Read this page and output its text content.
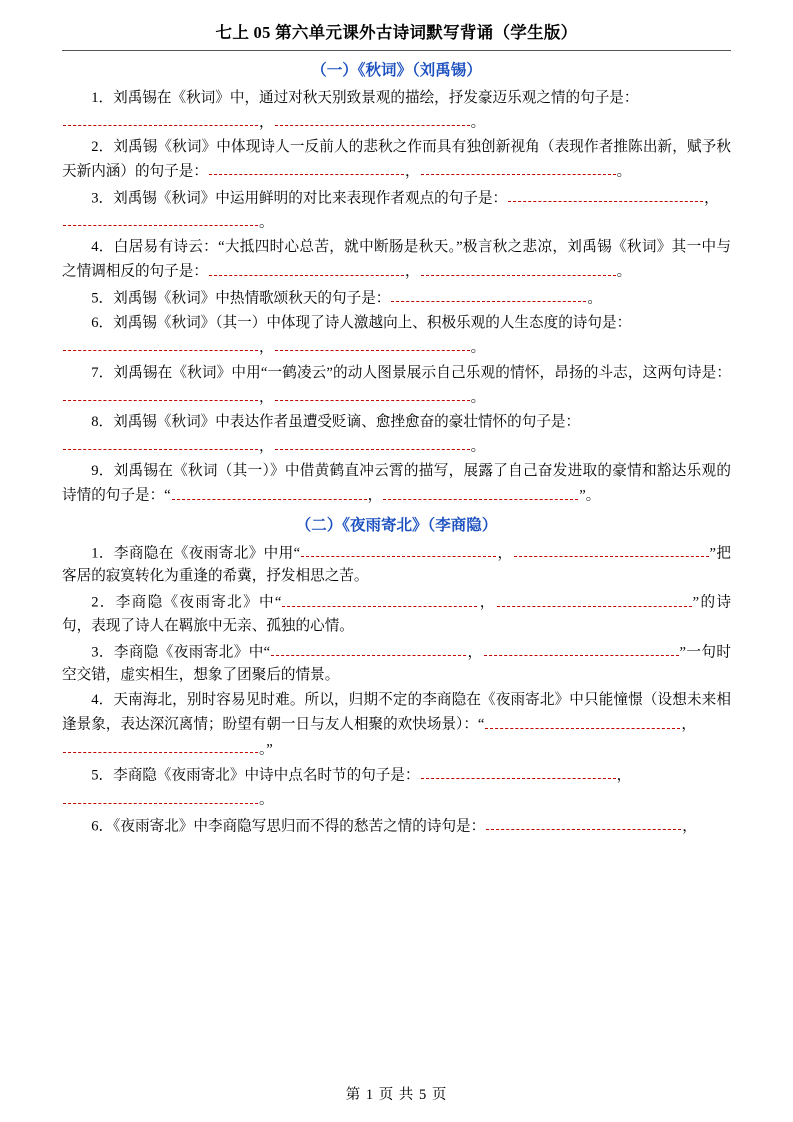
七上 05 第六单元课外古诗词默写背诵（学生版）
（一）《秋词》（刘禹锡）
1．刘禹锡在《秋词》中，通过对秋天别致景观的描绘，抒发豪迈乐观之情的句子是：
，	。
2．刘禹锡《秋词》中体现诗人一反前人的悲秋之作而具有独创新视角（表现作者推陈出新，赋予秋天新内涵）的句子是：	，	。
3．刘禹锡《秋词》中运用鲜明的对比来表现作者观点的句子是：	，
。
4．白居易有诗云：“大抵四时心总苦，就中断肠是秋天。”极言秋之悲凉，刘禹锡《秋词》其一中与之情调相反的句子是：	，	。
5．刘禹锡《秋词》中热情歌颂秋天的句子是：	。
6．刘禹锡《秋词》（其一）中体现了诗人激越向上、积极乐观的人生态度的诗句是：
，	。
7．刘禹锡在《秋词》中用“一鹤凌云”的动人图景展示自己乐观的情怀，昂扬的斗志，这两句诗是：，	。
8．刘禹锡《秋词》中表达作者虽遭受贬谪、愈挫愈奋的豪壮情怀的句子是：
，	。
9．刘禹锡在《秋词（其一）》中借黄鹤直冲云霄的描写，展露了自己奋发进取的豪情和豁达乐观的诗情的句子是：“	，	”。
（二）《夜雨寄北》（李商隐）
1．李商隐在《夜雨寄北》中用“	，	”把客居的寂寞转化为重逢的希冀，抒发相思之苦。
2．李商隐《夜雨寄北》中“	，	”的诗句，表现了诗人在羁旅中无亲、孤独的心情。
3．李商隐《夜雨寄北》中“	，	”一句时空交错，虚实相生，想象了团聚后的情景。
4．天南海北，别时容易见时难。所以，归期不定的李商隐在《夜雨寄北》中只能憧憬（设想未来相逢景象，表达深沉离情；盼望有朝一日与友人相聚的欢快场景）：“	，
。”
5．李商隐《夜雨寄北》中诗中点名时节的句子是：	，
。
6．《夜雨寄北》中李商隐写思归而不得的愁苦之情的诗句是：	，
第 1 页 共 5 页
